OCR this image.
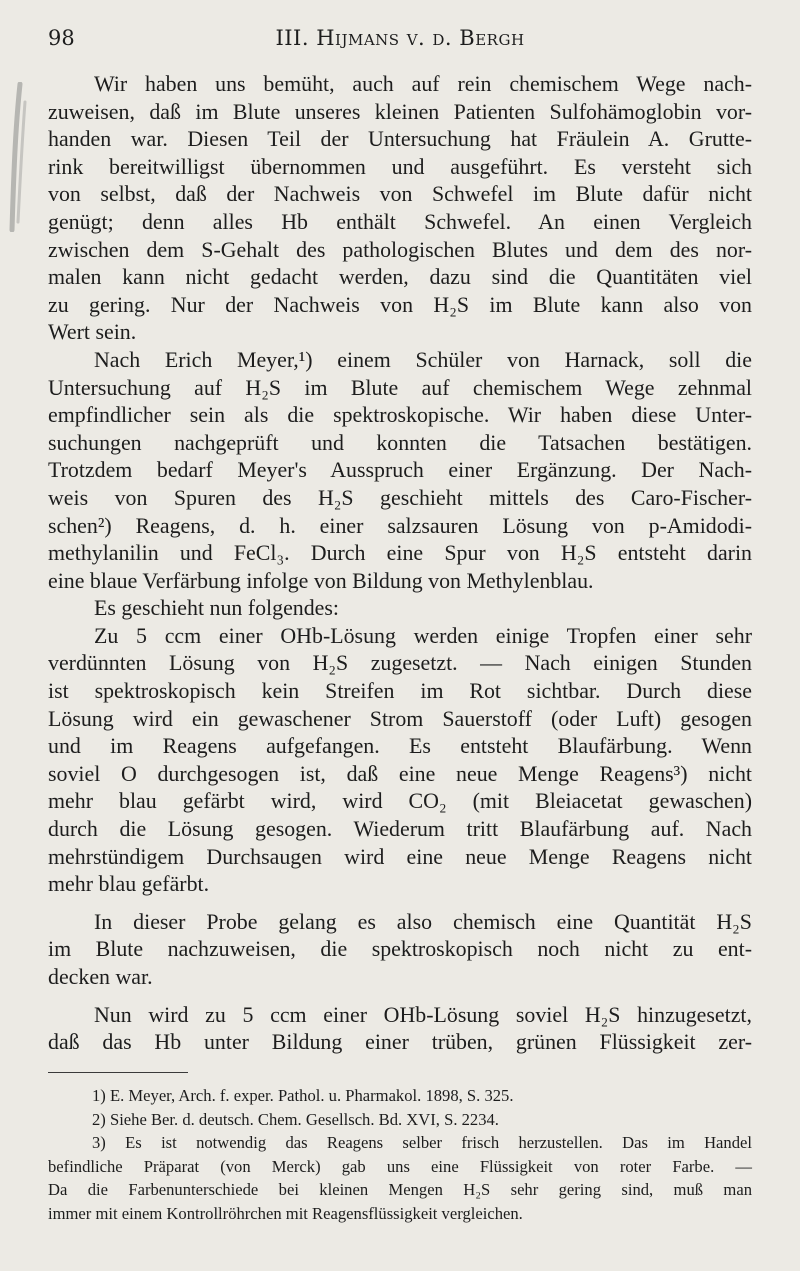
98	III. Hijmans v. d. Bergh
Wir haben uns bemüht, auch auf rein chemischem Wege nach-
zuweisen, daß im Blute unseres kleinen Patienten Sulfohämoglobin vor-
handen war. Diesen Teil der Untersuchung hat Fräulein A. Grutte-
rink bereitwilligst übernommen und ausgeführt. Es versteht sich
von selbst, daß der Nachweis von Schwefel im Blute dafür nicht
genügt; denn alles Hb enthält Schwefel. An einen Vergleich
zwischen dem S-Gehalt des pathologischen Blutes und dem des nor-
malen kann nicht gedacht werden, dazu sind die Quantitäten viel
zu gering. Nur der Nachweis von H₂S im Blute kann also von
Wert sein.
Nach Erich Meyer,¹) einem Schüler von Harnack, soll die
Untersuchung auf H₂S im Blute auf chemischem Wege zehnmal
empfindlicher sein als die spektroskopische. Wir haben diese Unter-
suchungen nachgeprüft und konnten die Tatsachen bestätigen.
Trotzdem bedarf Meyer's Ausspruch einer Ergänzung. Der Nach-
weis von Spuren des H₂S geschieht mittels des Caro-Fischer-
schen²) Reagens, d. h. einer salzsauren Lösung von p-Amidodi-
methylanilin und FeCl₃. Durch eine Spur von H₂S entsteht darin
eine blaue Verfärbung infolge von Bildung von Methylenblau.
Es geschieht nun folgendes:
Zu 5 ccm einer OHb-Lösung werden einige Tropfen einer sehr
verdünnten Lösung von H₂S zugesetzt. — Nach einigen Stunden
ist spektroskopisch kein Streifen im Rot sichtbar. Durch diese
Lösung wird ein gewaschener Strom Sauerstoff (oder Luft) gesogen
und im Reagens aufgefangen. Es entsteht Blaufärbung. Wenn
soviel O durchgesogen ist, daß eine neue Menge Reagens³) nicht
mehr blau gefärbt wird, wird CO₂ (mit Bleiacetat gewaschen)
durch die Lösung gesogen. Wiederum tritt Blaufärbung auf. Nach
mehrstündigem Durchsaugen wird eine neue Menge Reagens nicht
mehr blau gefärbt.
In dieser Probe gelang es also chemisch eine Quantität H₂S
im Blute nachzuweisen, die spektroskopisch noch nicht zu ent-
decken war.
Nun wird zu 5 ccm einer OHb-Lösung soviel H₂S hinzugesetzt,
daß das Hb unter Bildung einer trüben, grünen Flüssigkeit zer-
1) E. Meyer, Arch. f. exper. Pathol. u. Pharmakol. 1898, S. 325.
2) Siehe Ber. d. deutsch. Chem. Gesellsch. Bd. XVI, S. 2234.
3) Es ist notwendig das Reagens selber frisch herzustellen. Das im Handel
befindliche Präparat (von Merck) gab uns eine Flüssigkeit von roter Farbe. —
Da die Farbenunterschiede bei kleinen Mengen H₂S sehr gering sind, muß man
immer mit einem Kontrollröhrchen mit Reagensflüssigkeit vergleichen.
